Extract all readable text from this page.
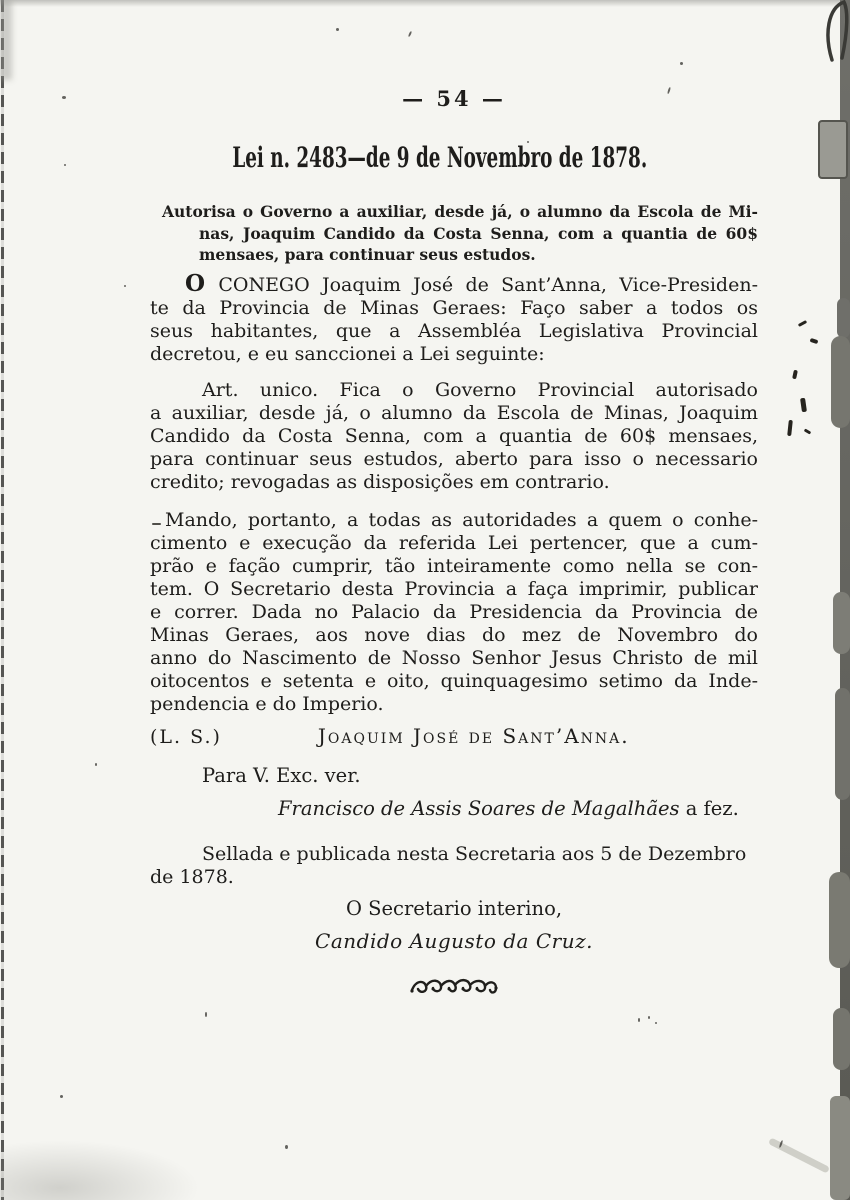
— 54 —
Lei n. 2483—de 9 de Novembro de 1878.
Autorisa o Governo a auxiliar, desde já, o alumno da Escola de Mi-
nas, Joaquim Candido da Costa Senna, com a quantia de 60$
mensaes, para continuar seus estudos.
O CONEGO Joaquim José de Sant’Anna, Vice-Presiden-
te da Provincia de Minas Geraes: Faço saber a todos os
seus habitantes, que a Assembléa Legislativa Provincial
decretou, e eu sanccionei a Lei seguinte:
Art. unico. Fica o Governo Provincial autorisado
a auxiliar, desde já, o alumno da Escola de Minas, Joaquim
Candido da Costa Senna, com a quantia de 60$ mensaes,
para continuar seus estudos, aberto para isso o necessario
credito; revogadas as disposições em contrario.
Mando, portanto, a todas as autoridades a quem o conhe-
cimento e execução da referida Lei pertencer, que a cum-
prão e fação cumprir, tão inteiramente como nella se con-
tem. O Secretario desta Provincia a faça imprimir, publicar
e correr. Dada no Palacio da Presidencia da Provincia de
Minas Geraes, aos nove dias do mez de Novembro do
anno do Nascimento de Nosso Senhor Jesus Christo de mil
oitocentos e setenta e oito, quinquagesimo setimo da Inde-
pendencia e do Imperio.
(L. S.)	Joaquim José de Sant’Anna.
Para V. Exc. ver.
Francisco de Assis Soares de Magalhães a fez.
Sellada e publicada nesta Secretaria aos 5 de Dezembro
de 1878.
O Secretario interino,
Candido Augusto da Cruz.
